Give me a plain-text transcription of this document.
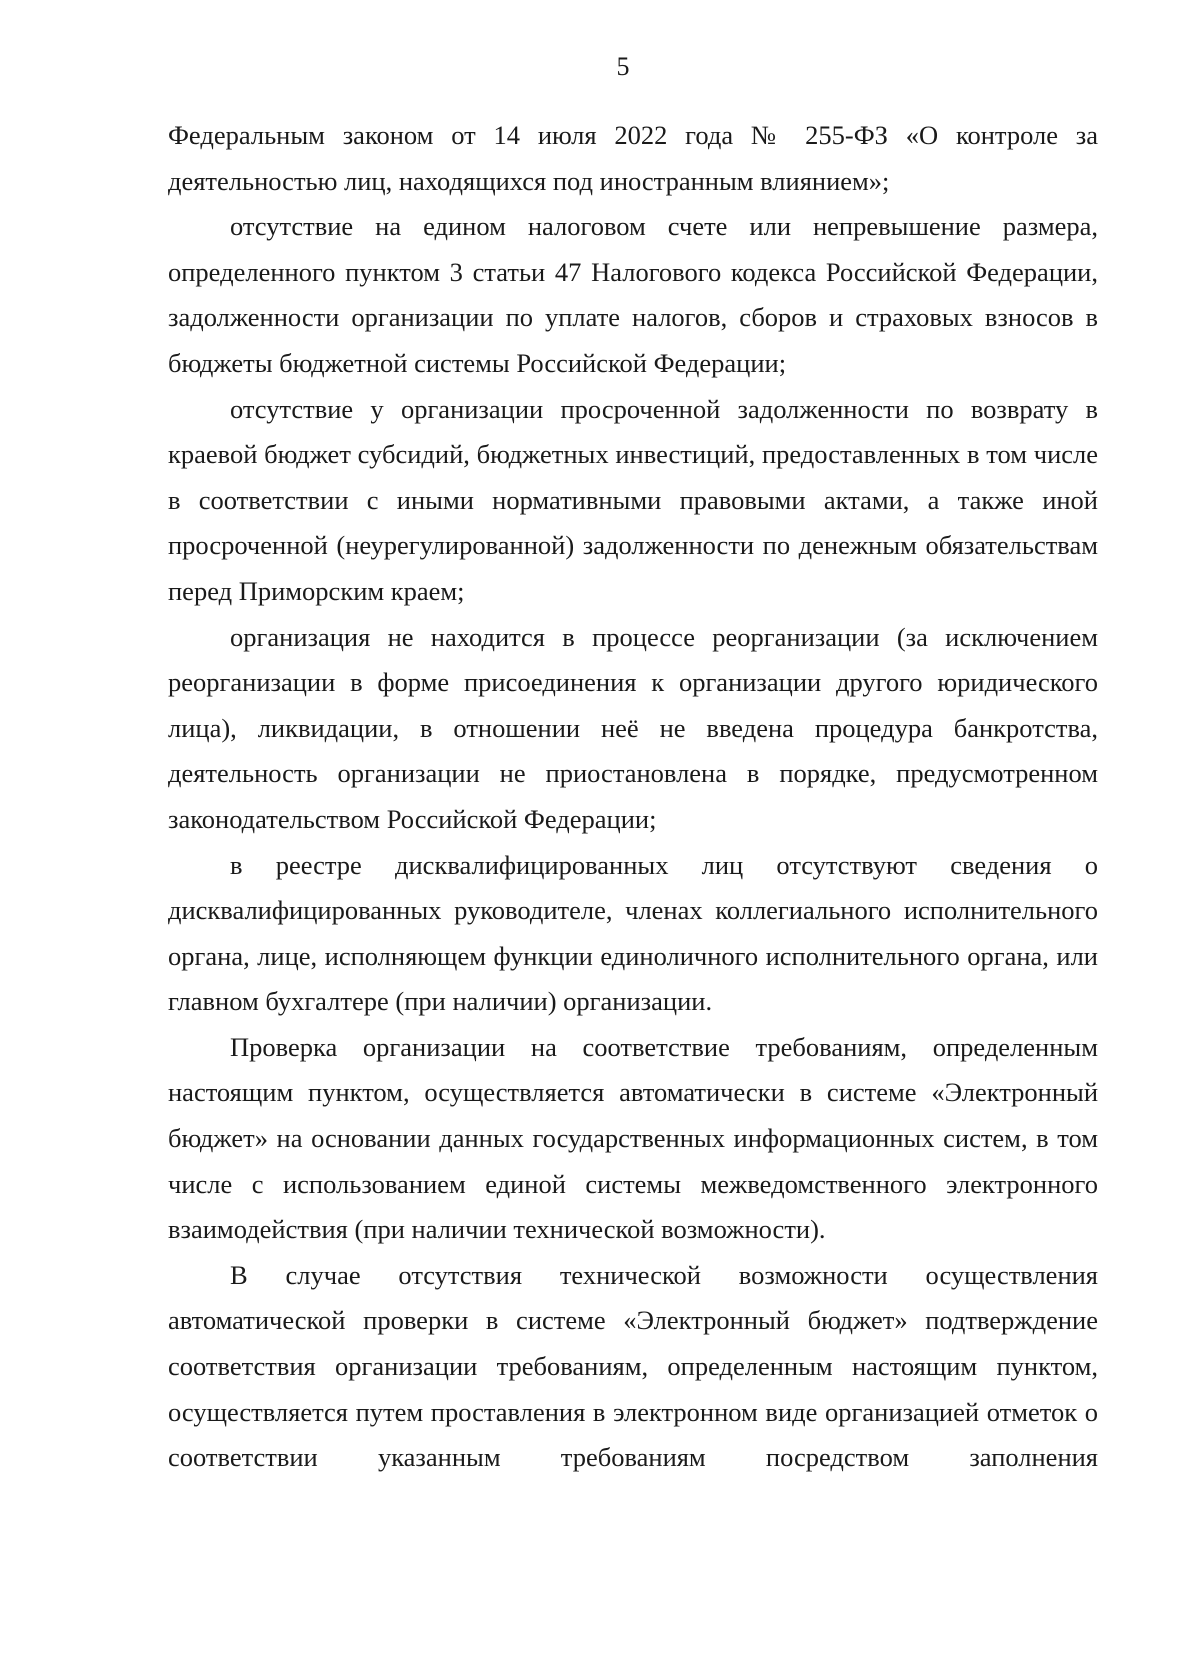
5

Федеральным законом от 14 июля 2022 года № 255-ФЗ «О контроле за деятельностью лиц, находящихся под иностранным влиянием»;

отсутствие на едином налоговом счете или непревышение размера, определенного пунктом 3 статьи 47 Налогового кодекса Российской Федерации, задолженности организации по уплате налогов, сборов и страховых взносов в бюджеты бюджетной системы Российской Федерации;

отсутствие у организации просроченной задолженности по возврату в краевой бюджет субсидий, бюджетных инвестиций, предоставленных в том числе в соответствии с иными нормативными правовыми актами, а также иной просроченной (неурегулированной) задолженности по денежным обязательствам перед Приморским краем;

организация не находится в процессе реорганизации (за исключением реорганизации в форме присоединения к организации другого юридического лица), ликвидации, в отношении неё не введена процедура банкротства, деятельность организации не приостановлена в порядке, предусмотренном законодательством Российской Федерации;

в реестре дисквалифицированных лиц отсутствуют сведения о дисквалифицированных руководителе, членах коллегиального исполнительного органа, лице, исполняющем функции единоличного исполнительного органа, или главном бухгалтере (при наличии) организации.

Проверка организации на соответствие требованиям, определенным настоящим пунктом, осуществляется автоматически в системе «Электронный бюджет» на основании данных государственных информационных систем, в том числе с использованием единой системы межведомственного электронного взаимодействия (при наличии технической возможности).

В случае отсутствия технической возможности осуществления автоматической проверки в системе «Электронный бюджет» подтверждение соответствия организации требованиям, определенным настоящим пунктом, осуществляется путем проставления в электронном виде организацией отметок о соответствии указанным требованиям посредством заполнения
